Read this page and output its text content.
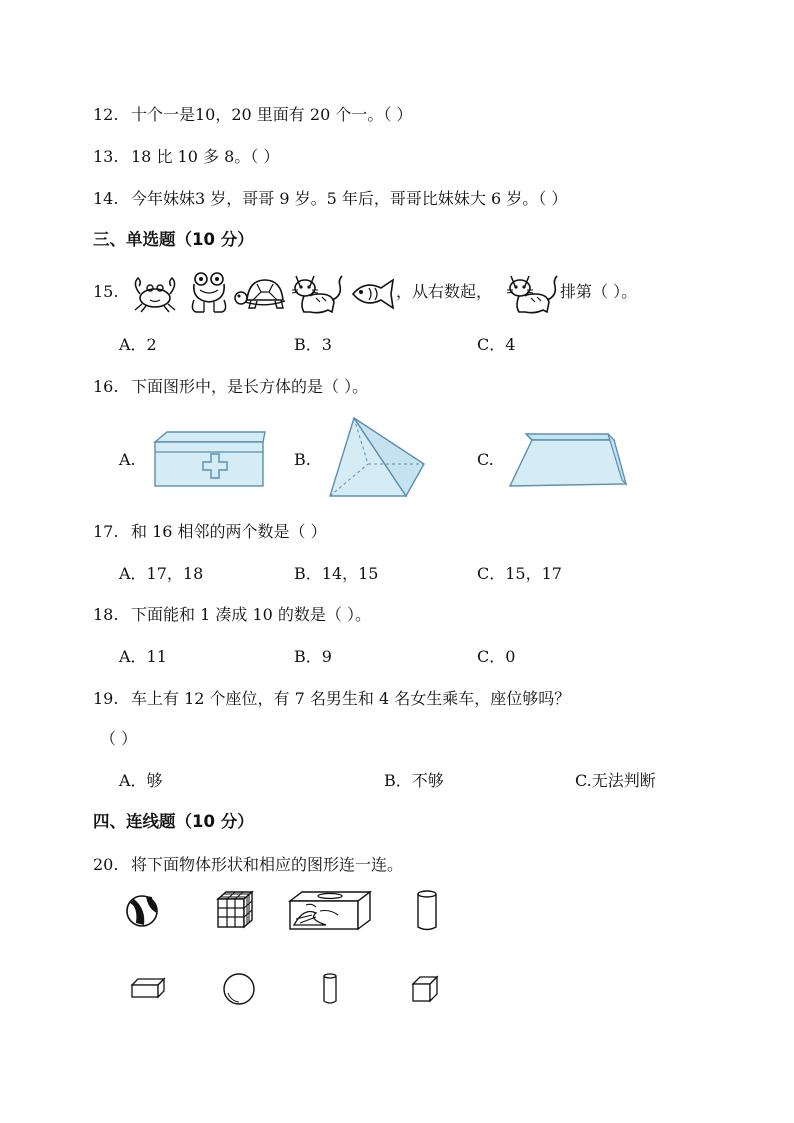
12. 十个一是10，20 里面有 20 个一。（ ）
13. 18 比 10 多 8。（ ）
14. 今年妹妹3 岁，哥哥 9 岁。5 年后，哥哥比妹妹大 6 岁。（ ）
三、单选题（10 分）
15.	，从右数起，	排第（ ）。
A．2	B．3	C．4
16. 下面图形中，是长方体的是（ ）。
A.	B.	C.
17. 和 16 相邻的两个数是（ ）
A．17，18	B．14，15	C．15，17
18. 下面能和 1 凑成 10 的数是（ ）。
A．11	B．9	C．0
19. 车上有 12 个座位，有 7 名男生和 4 名女生乘车，座位够吗？
（ ）
A．够	B．不够	C.无法判断
四、连线题（10 分）
20. 将下面物体形状和相应的图形连一连。
